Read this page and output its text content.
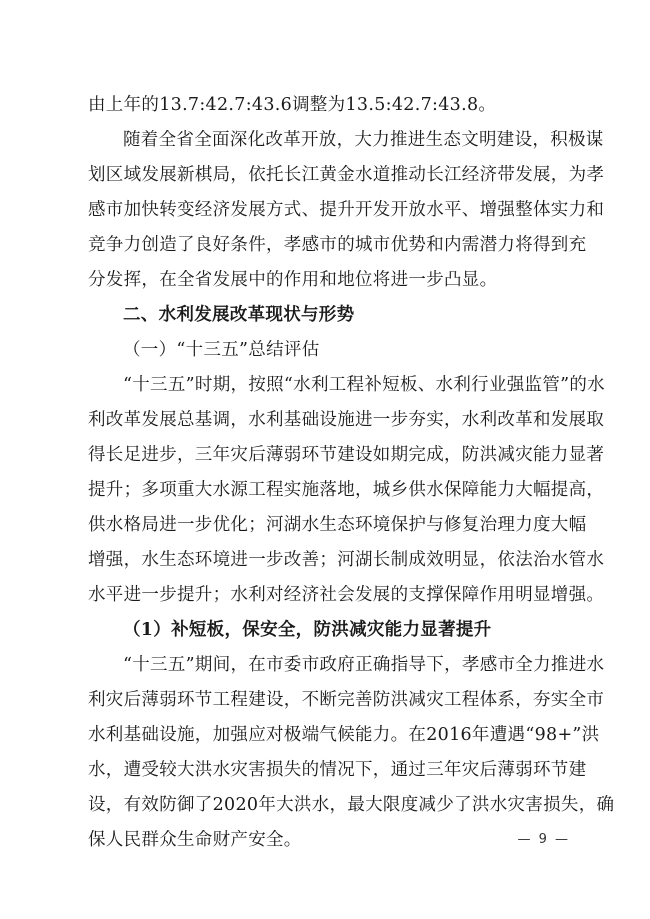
由上年的13.7:42.7:43.6调整为13.5:42.7:43.8。
随着全省全面深化改革开放，大力推进生态文明建设，积极谋
划区域发展新棋局，依托长江黄金水道推动长江经济带发展，为孝
感市加快转变经济发展方式、提升开发开放水平、增强整体实力和
竞争力创造了良好条件，孝感市的城市优势和内需潜力将得到充
分发挥，在全省发展中的作用和地位将进一步凸显。
二、水利发展改革现状与形势
（一）“十三五”总结评估
“十三五”时期，按照“水利工程补短板、水利行业强监管”的水
利改革发展总基调，水利基础设施进一步夯实，水利改革和发展取
得长足进步，三年灾后薄弱环节建设如期完成，防洪减灾能力显著
提升；多项重大水源工程实施落地，城乡供水保障能力大幅提高，
供水格局进一步优化；河湖水生态环境保护与修复治理力度大幅
增强，水生态环境进一步改善；河湖长制成效明显，依法治水管水
水平进一步提升；水利对经济社会发展的支撑保障作用明显增强。
（1）补短板，保安全，防洪减灾能力显著提升
“十三五”期间，在市委市政府正确指导下，孝感市全力推进水
利灾后薄弱环节工程建设，不断完善防洪减灾工程体系，夯实全市
水利基础设施，加强应对极端气候能力。在2016年遭遇“98+”洪
水，遭受较大洪水灾害损失的情况下，通过三年灾后薄弱环节建
设，有效防御了2020年大洪水，最大限度减少了洪水灾害损失，确
保人民群众生命财产安全。	— 9 —
